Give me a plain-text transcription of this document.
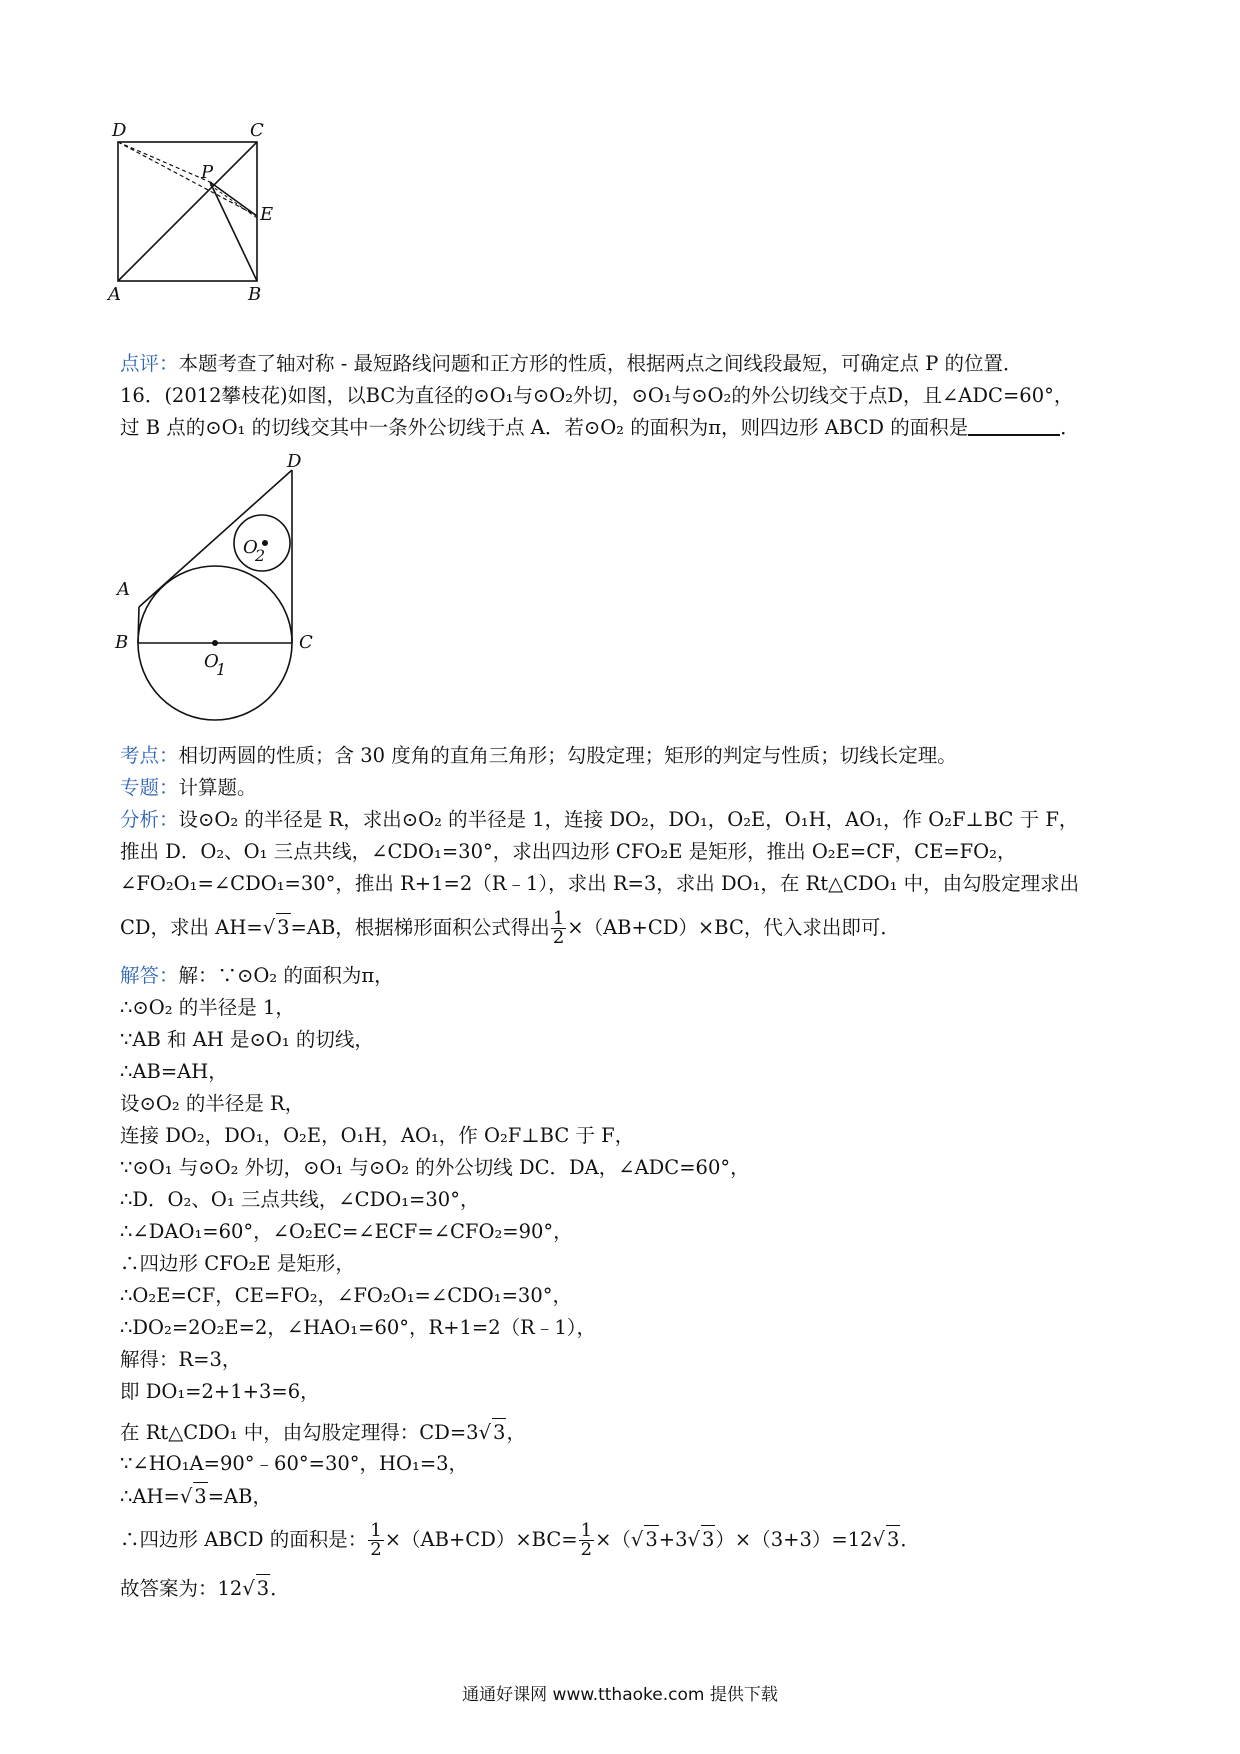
D	C
P
E
A	B
点评：本题考查了轴对称 - 最短路线问题和正方形的性质，根据两点之间线段最短，可确定点 P 的位置．
16．(2012攀枝花)如图，以BC为直径的⊙O₁与⊙O₂外切，⊙O₁与⊙O₂的外公切线交于点D，且∠ADC=60°，
过 B 点的⊙O₁ 的切线交其中一条外公切线于点 A．若⊙O₂ 的面积为π，则四边形 ABCD 的面积是	．
D
O
2
A
B	C
O
1
考点：相切两圆的性质；含 30 度角的直角三角形；勾股定理；矩形的判定与性质；切线长定理。
专题：计算题。
分析：设⊙O₂ 的半径是 R，求出⊙O₂ 的半径是 1，连接 DO₂，DO₁，O₂E，O₁H，AO₁，作 O₂F⊥BC 于 F，
推出 D．O₂、O₁ 三点共线，∠CDO₁=30°，求出四边形 CFO₂E 是矩形，推出 O₂E=CF，CE=FO₂，
∠FO₂O₁=∠CDO₁=30°，推出 R+1=2（R﹣1），求出 R=3，求出 DO₁，在 Rt△CDO₁ 中，由勾股定理求出
CD，求出 AH=√ 3=AB，根据梯形面积公式得出 $\frac{1}{2} \times(AB+CD)\times BC$，代入求出即可．
解答：解：∵⊙O₂ 的面积为π，
∴⊙O₂ 的半径是 1，
∵AB 和 AH 是⊙O₁ 的切线，
∴AB=AH，
设⊙O₂ 的半径是 R，
连接 DO₂，DO₁，O₂E，O₁H，AO₁，作 O₂F⊥BC 于 F，
∵⊙O₁ 与⊙O₂ 外切，⊙O₁ 与⊙O₂ 的外公切线 DC．DA，∠ADC=60°，
∴D．O₂、O₁ 三点共线，∠CDO₁=30°，
∴∠DAO₁=60°，∠O₂EC=∠ECF=∠CFO₂=90°，
∴四边形 CFO₂E 是矩形，
∴O₂E=CF，CE=FO₂，∠FO₂O₁=∠CDO₁=30°，
∴DO₂=2O₂E=2，∠HAO₁=60°，R+1=2（R﹣1），
解得：R=3，
即 DO₁=2+1+3=6，
在 Rt△CDO₁ 中，由勾股定理得：CD=3√ 3，
∵∠HO₁A=90°﹣60°=30°，HO₁=3，
∴AH=√ 3=AB，
∴四边形 ABCD 的面积是： $\frac{1}{2} \times(AB+CD)\times BC= \frac{1}{2}$ ×（√ 3+3√ 3）×（3+3）=12√ 3．
故答案为：12√ 3．
通通好课网 www.tthaoke.com 提供下载
